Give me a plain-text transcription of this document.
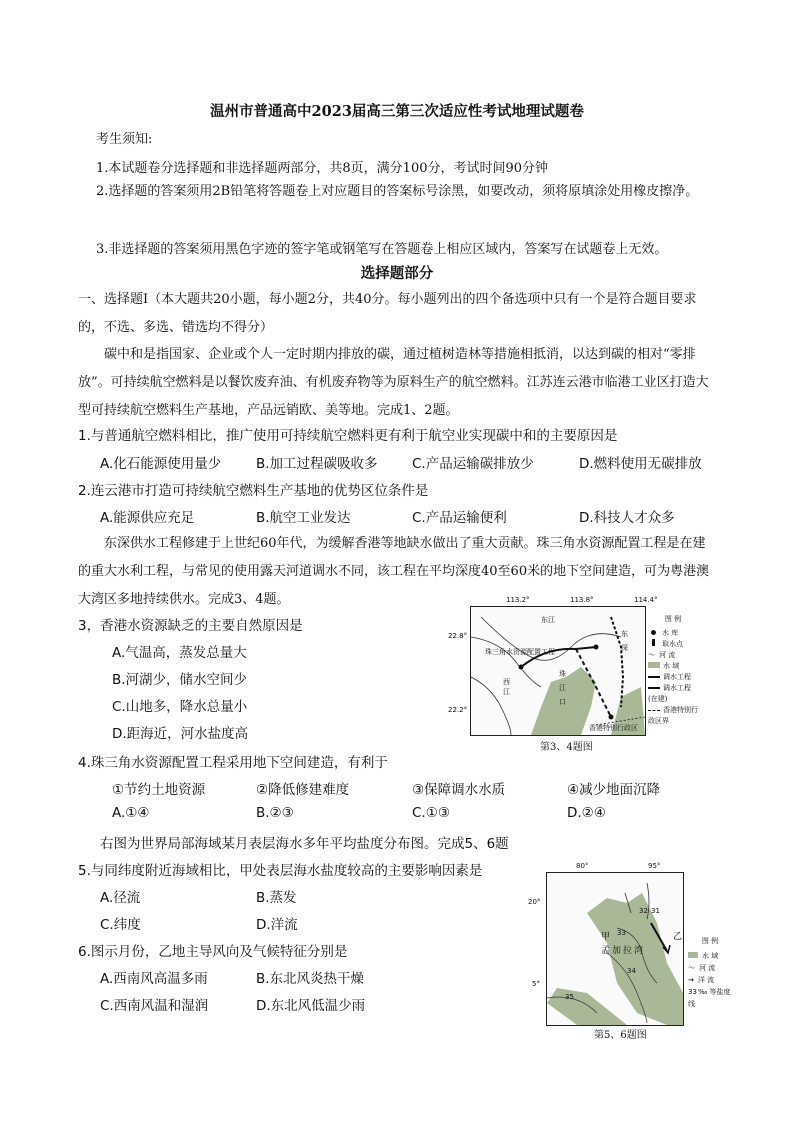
温州市普通高中2023届高三第三次适应性考试地理试题卷
考生须知:
1.本试题卷分选择题和非选择题两部分，共8页，满分100分，考试时间90分钟
2.选择题的答案须用2B铅笔将答题卷上对应题目的答案标号涂黑，如要改动，须将原填涂处用橡皮擦净。
3.非选择题的答案须用黑色字迹的签字笔或钢笔写在答题卷上相应区域内，答案写在试题卷上无效。
选择题部分
一、选择题Ⅰ（本大题共20小题，每小题2分，共40分。每小题列出的四个备选项中只有一个是符合题目要求的，不选、多选、错选均不得分）
碳中和是指国家、企业或个人一定时期内排放的碳，通过植树造林等措施相抵消，以达到碳的相对“零排放”。可持续航空燃料是以餐饮废弃油、有机废弃物等为原料生产的航空燃料。江苏连云港市临港工业区打造大型可持续航空燃料生产基地，产品远销欧、美等地。完成1、2题。
1.与普通航空燃料相比，推广使用可持续航空燃料更有利于航空业实现碳中和的主要原因是
A.化石能源使用量少	B.加工过程碳吸收多	C.产品运输碳排放少	D.燃料使用无碳排放
2.连云港市打造可持续航空燃料生产基地的优势区位条件是
A.能源供应充足	B.航空工业发达	C.产品运输便利	D.科技人才众多
东深供水工程修建于上世纪60年代，为缓解香港等地缺水做出了重大贡献。珠三角水资源配置工程是在建的重大水利工程，与常见的使用露天河道调水不同，该工程在平均深度40至60米的地下空间建造，可为粤港澳大湾区多地持续供水。完成3、4题。
3，香港水资源缺乏的主要自然原因是
A.气温高，蒸发总量大
B.河湖少，储水空间少
C.山地多，降水总量小
D.距海近，河水盐度高
113.2°	113.8°	114.4°
22.8°
22.2°
珠三角水资源配置工程
东江
东
深
西江
珠江口
香港特别行政区
图 例
水 库
取水点
～ 河 流
水 域
调水工程
调水工程(在建)
香港特别行政区界
第3、4题图
4.珠三角水资源配置工程采用地下空间建造，有利于
①节约土地资源	②降低修建难度	③保障调水水质	④减少地面沉降
A.①④	B.②③	C.①③	D.②④
右图为世界局部海域某月表层海水多年平均盐度分布图。完成5、6题
5.与同纬度附近海域相比，甲处表层海水盐度较高的主要影响因素是
A.径流	B.蒸发
C.纬度	D.洋流
6.图示月份，乙地主导风向及气候特征分别是
A.西南风高温多雨	B.东北风炎热干燥
C.西南风温和湿润	D.东北风低温少雨
80°	95°
20°
5°
32 31
33
34
35
甲	乙
孟加拉湾
图 例
水 域
～ 河 流
→ 洋 流
33‰ 等盐度线
第5、6题图
